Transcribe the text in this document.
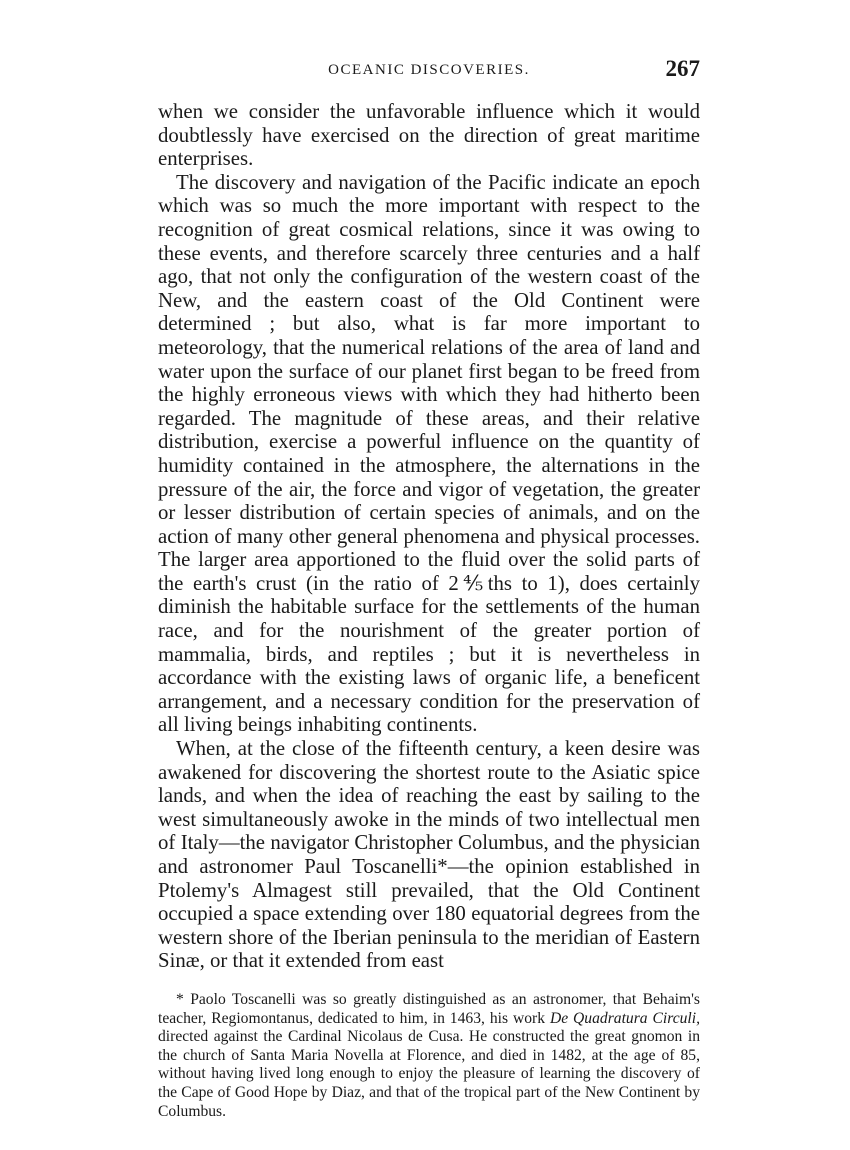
OCEANIC DISCOVERIES.	267

when we consider the unfavorable influence which it would doubtlessly have exercised on the direction of great maritime enterprises.

The discovery and navigation of the Pacific indicate an epoch which was so much the more important with respect to the recognition of great cosmical relations, since it was owing to these events, and therefore scarcely three centuries and a half ago, that not only the configuration of the western coast of the New, and the eastern coast of the Old Continent were determined ; but also, what is far more important to meteorology, that the numerical relations of the area of land and water upon the surface of our planet first began to be freed from the highly erroneous views with which they had hitherto been regarded. The magnitude of these areas, and their relative distribution, exercise a powerful influence on the quantity of humidity contained in the atmosphere, the alternations in the pressure of the air, the force and vigor of vegetation, the greater or lesser distribution of certain species of animals, and on the action of many other general phenomena and physical processes. The larger area apportioned to the fluid over the solid parts of the earth's crust (in the ratio of 2⅘ths to 1), does certainly diminish the habitable surface for the settlements of the human race, and for the nourishment of the greater portion of mammalia, birds, and reptiles ; but it is nevertheless in accordance with the existing laws of organic life, a beneficent arrangement, and a necessary condition for the preservation of all living beings inhabiting continents.

When, at the close of the fifteenth century, a keen desire was awakened for discovering the shortest route to the Asiatic spice lands, and when the idea of reaching the east by sailing to the west simultaneously awoke in the minds of two intellectual men of Italy—the navigator Christopher Columbus, and the physician and astronomer Paul Toscanelli*—the opinion established in Ptolemy's Almagest still prevailed, that the Old Continent occupied a space extending over 180 equatorial degrees from the western shore of the Iberian peninsula to the meridian of Eastern Sinæ, or that it extended from east

* Paolo Toscanelli was so greatly distinguished as an astronomer, that Behaim's teacher, Regiomontanus, dedicated to him, in 1463, his work De Quadratura Circuli, directed against the Cardinal Nicolaus de Cusa. He constructed the great gnomon in the church of Santa Maria Novella at Florence, and died in 1482, at the age of 85, without having lived long enough to enjoy the pleasure of learning the discovery of the Cape of Good Hope by Diaz, and that of the tropical part of the New Continent by Columbus.
